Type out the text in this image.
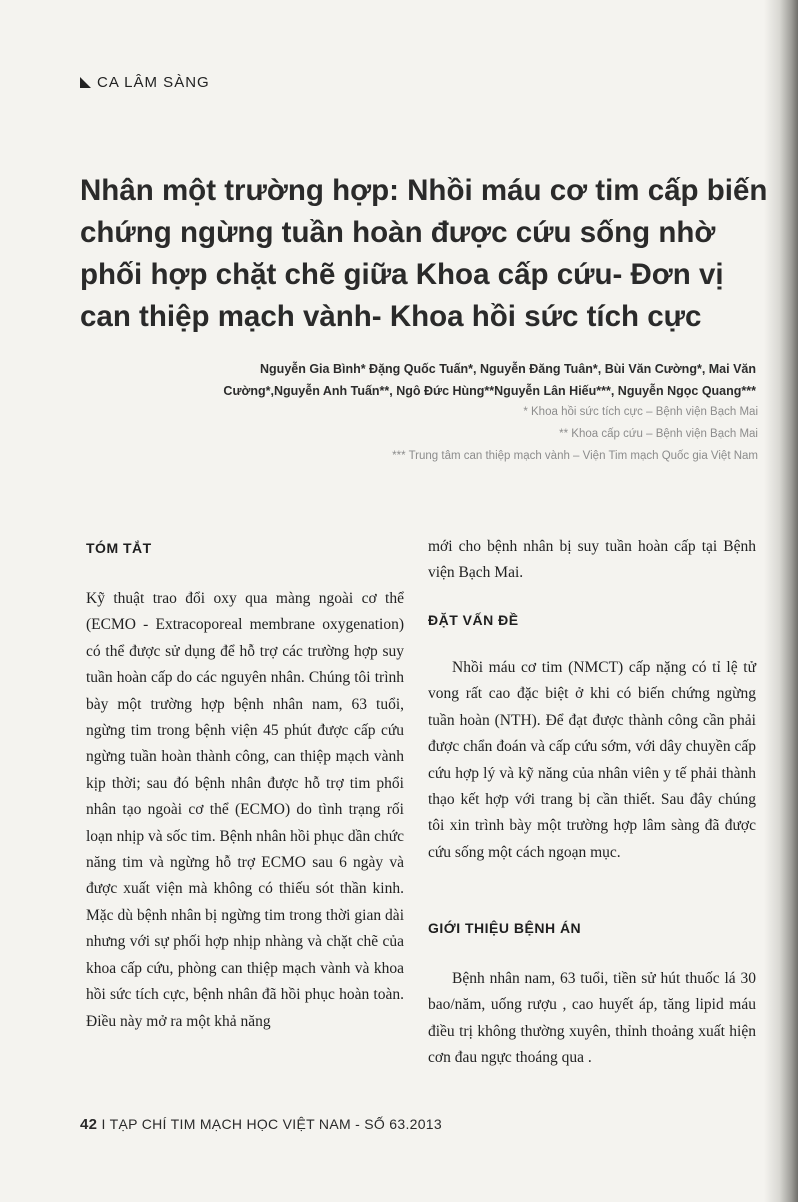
CA LÂM SÀNG
Nhân một trường hợp: Nhồi máu cơ tim cấp biến chứng ngừng tuần hoàn được cứu sống nhờ phối hợp chặt chẽ giữa Khoa cấp cứu- Đơn vị can thiệp mạch vành- Khoa hồi sức tích cực
Nguyễn Gia Bình* Đặng Quốc Tuấn*, Nguyễn Đăng Tuân*, Bùi Văn Cường*, Mai Văn
Cường*,Nguyễn Anh Tuấn**, Ngô Đức Hùng**Nguyễn Lân Hiếu***, Nguyễn Ngọc Quang***
* Khoa hồi sức tích cực – Bệnh viện Bạch Mai
** Khoa cấp cứu – Bệnh viện Bạch Mai
*** Trung tâm can thiệp mạch vành – Viện Tim mạch Quốc gia Việt Nam
TÓM TẮT

Kỹ thuật trao đổi oxy qua màng ngoài cơ thể (ECMO - Extracoporeal membrane oxygenation) có thể được sử dụng để hỗ trợ các trường hợp suy tuần hoàn cấp do các nguyên nhân. Chúng tôi trình bày một trường hợp bệnh nhân nam, 63 tuổi, ngừng tim trong bệnh viện 45 phút được cấp cứu ngừng tuần hoàn thành công, can thiệp mạch vành kịp thời; sau đó bệnh nhân được hỗ trợ tim phổi nhân tạo ngoài cơ thể (ECMO) do tình trạng rối loạn nhịp và sốc tim. Bệnh nhân hồi phục dần chức năng tim và ngừng hỗ trợ ECMO sau 6 ngày và được xuất viện mà không có thiếu sót thần kinh. Mặc dù bệnh nhân bị ngừng tim trong thời gian dài nhưng với sự phối hợp nhịp nhàng và chặt chẽ của khoa cấp cứu, phòng can thiệp mạch vành và khoa hồi sức tích cực, bệnh nhân đã hồi phục hoàn toàn. Điều này mở ra một khả năng

mới cho bệnh nhân bị suy tuần hoàn cấp tại Bệnh viện Bạch Mai.

ĐẶT VẤN ĐỀ

Nhồi máu cơ tim (NMCT) cấp nặng có tỉ lệ tử vong rất cao đặc biệt ở khi có biến chứng ngừng tuần hoàn (NTH). Để đạt được thành công cần phải được chẩn đoán và cấp cứu sớm, với dây chuyền cấp cứu hợp lý và kỹ năng của nhân viên y tế phải thành thạo kết hợp với trang bị cần thiết. Sau đây chúng tôi xin trình bày một trường hợp lâm sàng đã được cứu sống một cách ngoạn mục.

GIỚI THIỆU BỆNH ÁN

Bệnh nhân nam, 63 tuổi, tiền sử hút thuốc lá 30 bao/năm, uống rượu , cao huyết áp, tăng lipid máu điều trị không thường xuyên, thỉnh thoảng xuất hiện cơn đau ngực thoáng qua .

42 I TẠP CHÍ TIM MẠCH HỌC VIỆT NAM - SỐ 63.2013
